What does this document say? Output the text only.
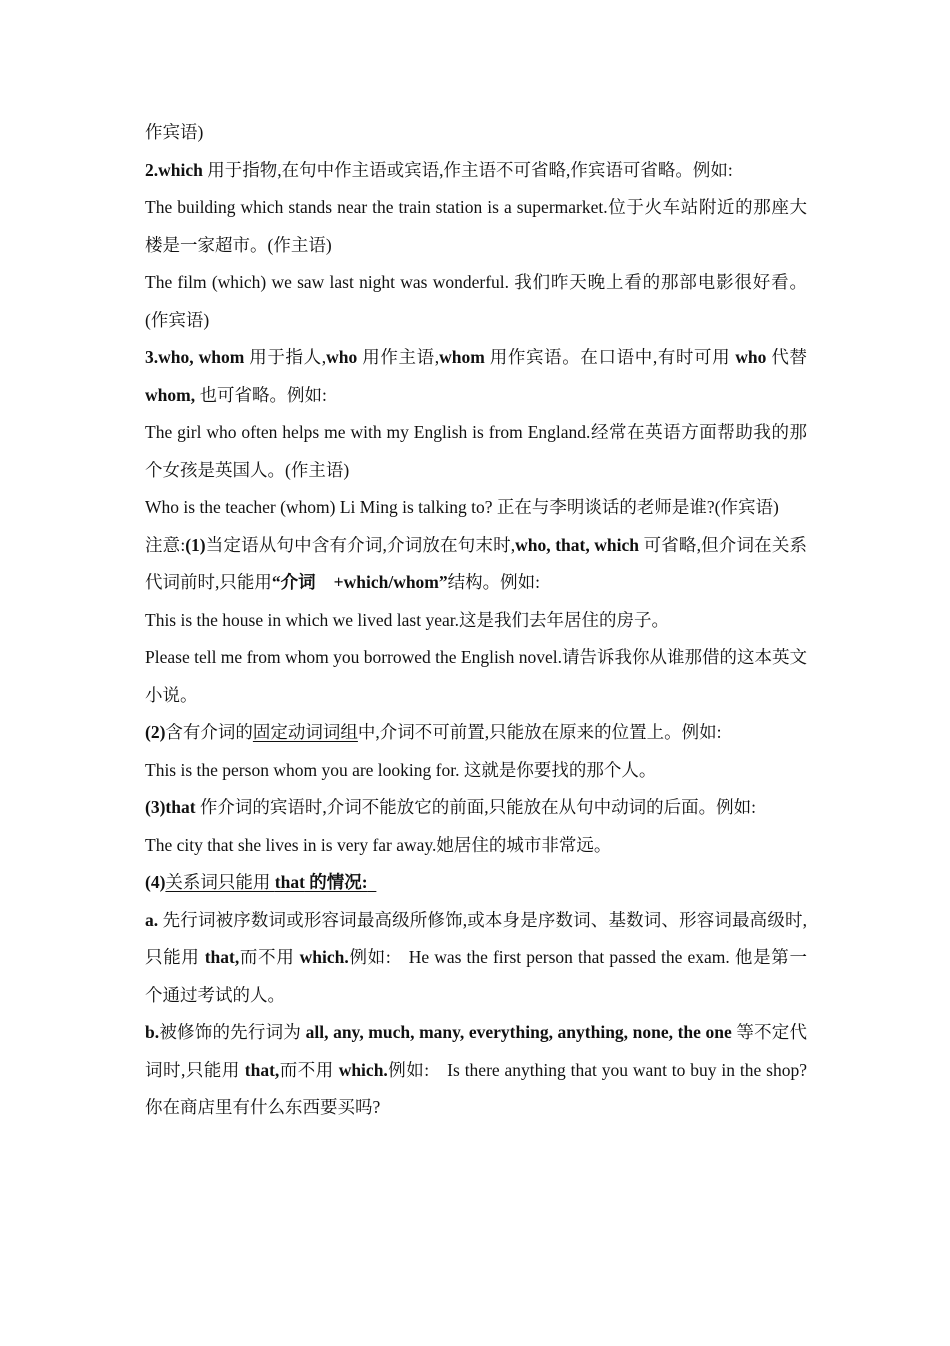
作宾语)

2.which 用于指物,在句中作主语或宾语,作主语不可省略,作宾语可省略。例如:

The building which stands near the train station is a supermarket.位于火车站附近的那座大楼是一家超市。(作主语)

The film (which) we saw last night was wonderful. 我们昨天晚上看的那部电影很好看。(作宾语)

3.who, whom 用于指人,who 用作主语,whom 用作宾语。在口语中,有时可用 who 代替 whom, 也可省略。例如:

The girl who often helps me with my English is from England.经常在英语方面帮助我的那个女孩是英国人。(作主语)

Who is the teacher (whom) Li Ming is talking to? 正在与李明谈话的老师是谁?(作宾语)

注意:(1)当定语从句中含有介词,介词放在句末时,who, that, which 可省略,但介词在关系代词前时,只能用“介词 +which/whom”结构。例如:

This is the house in which we lived last year.这是我们去年居住的房子。

Please tell me from whom you borrowed the English novel.请告诉我你从谁那借的这本英文小说。

(2)含有介词的固定动词词组中,介词不可前置,只能放在原来的位置上。例如:

This is the person whom you are looking for. 这就是你要找的那个人。

(3)that 作介词的宾语时,介词不能放它的前面,只能放在从句中动词的后面。例如:

The city that she lives in is very far away.她居住的城市非常远。

(4)关系词只能用 that 的情况:

a. 先行词被序数词或形容词最高级所修饰,或本身是序数词、基数词、形容词最高级时,只能用 that,而不用 which.例如: He was the first person that passed the exam. 他是第一个通过考试的人。

b.被修饰的先行词为 all, any, much, many, everything, anything, none, the one 等不定代词时,只能用 that,而不用 which.例如: Is there anything that you want to buy in the shop? 你在商店里有什么东西要买吗?
